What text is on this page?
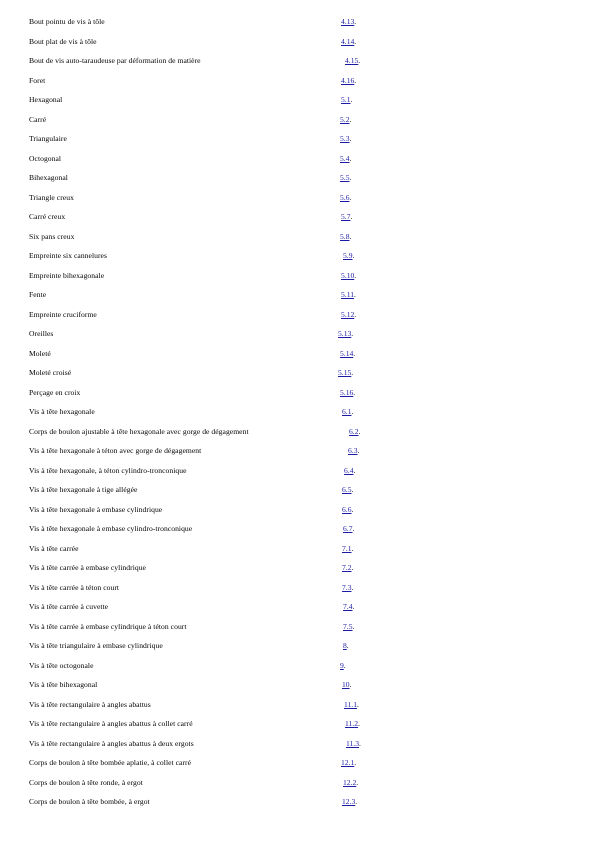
Bout pointu de vis à tôle	4.13.
Bout plat de vis à tôle	4.14.
Bout de vis auto-taraudeuse par déformation de matière	4.15.
Foret	4.16.
Hexagonal	5.1.
Carré	5.2.
Triangulaire	5.3.
Octogonal	5.4.
Bihexagonal	5.5.
Triangle creux	5.6.
Carré creux	5.7.
Six pans creux	5.8.
Empreinte six cannelures	5.9.
Empreinte bihexagonale	5.10.
Fente	5.11.
Empreinte cruciforme	5.12.
Oreilles	5.13.
Moleté	5.14.
Moleté croisé	5.15.
Perçage en croix	5.16.
Vis à tête hexagonale	6.1.
Corps de boulon ajustable à tête hexagonale avec gorge de dégagement	6.2.
Vis à tête hexagonale à téton avec gorge de dégagement	6.3.
Vis à tête hexagonale, à téton cylindro-tronconique	6.4.
Vis à tête hexagonale à tige allégée	6.5.
Vis à tête hexagonale à embase cylindrique	6.6.
Vis à tête hexagonale à embase cylindro-tronconique	6.7.
Vis à tête carrée	7.1.
Vis à tête carrée à embase cylindrique	7.2.
Vis à tête carrée à téton court	7.3.
Vis à tête carrée à cuvette	7.4.
Vis à tête carrée à embase cylindrique à téton court	7.5.
Vis à tête triangulaire à embase cylindrique	8.
Vis à tête octogonale	9.
Vis à tête bihexagonal	10.
Vis à tête rectangulaire à angles abattus	11.1.
Vis à tête rectangulaire à angles abattus à collet carré	11.2.
Vis à tête rectangulaire à angles abattus à deux ergots	11.3.
Corps de boulon à tête bombée aplatie, à collet carré	12.1.
Corps de boulon à tête ronde, à ergot	12.2.
Corps de boulon à tête bombée, à ergot	12.3.
